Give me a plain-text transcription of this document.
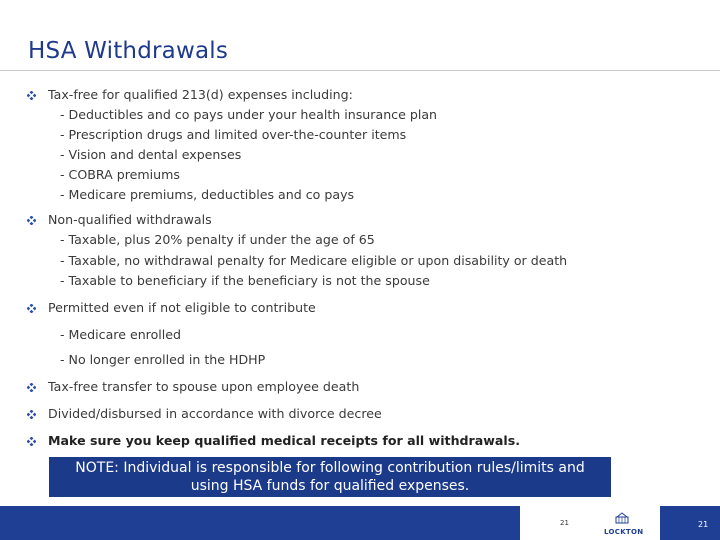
HSA Withdrawals
Tax-free for qualified 213(d) expenses including:
- Deductibles and co pays under your health insurance plan
- Prescription drugs and limited over-the-counter items
- Vision and dental expenses
- COBRA premiums
- Medicare premiums, deductibles and co pays
Non-qualified withdrawals
- Taxable, plus 20% penalty if under the age of 65
- Taxable, no withdrawal penalty for Medicare eligible or upon disability or death
- Taxable to beneficiary if the beneficiary is not the spouse
Permitted even if not eligible to contribute
- Medicare enrolled
- No longer enrolled in the HDHP
Tax-free transfer to spouse upon employee death
Divided/disbursed in accordance with divorce decree
Make sure you keep qualified medical receipts for all withdrawals.
NOTE: Individual is responsible for following contribution rules/limits and
using HSA funds for qualified expenses.
21
LOCKTON
21
